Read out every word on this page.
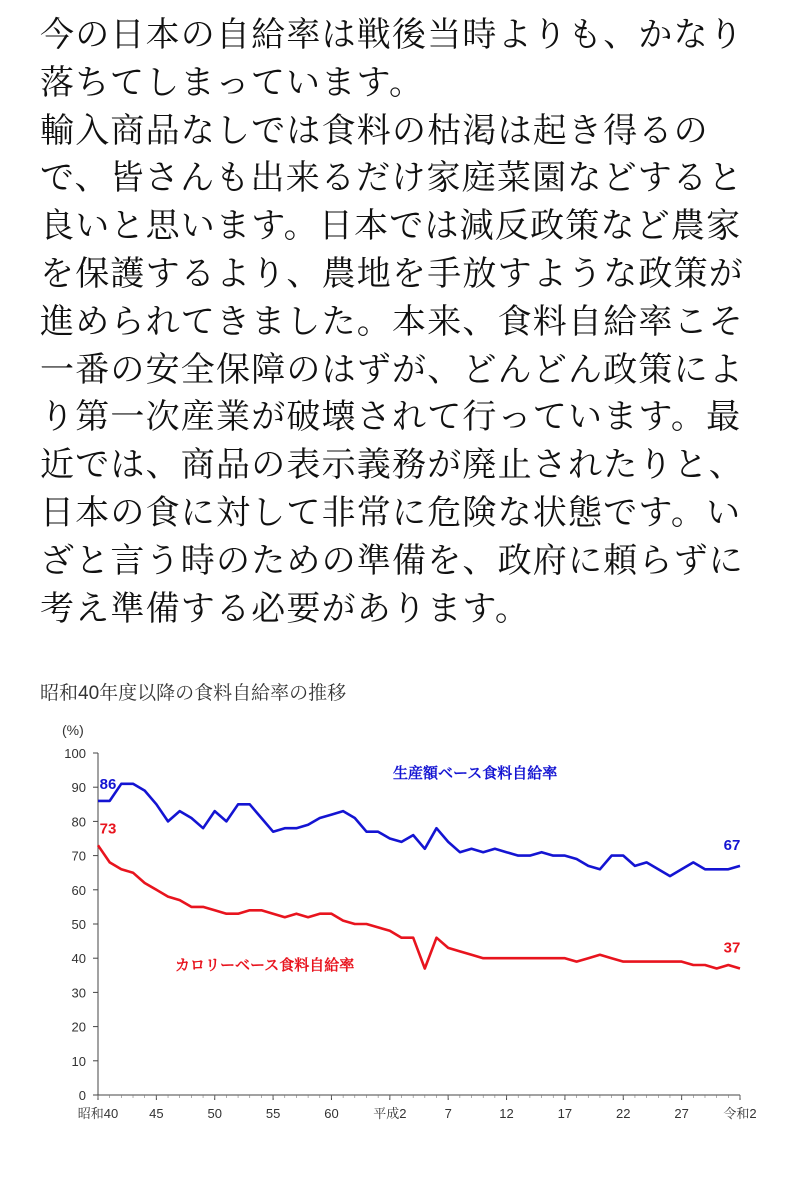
今の日本の自給率は戦後当時よりも、かなり
落ちてしまっています。
輸入商品なしでは食料の枯渇は起き得るの
で、皆さんも出来るだけ家庭菜園などすると
良いと思います。日本では減反政策など農家
を保護するより、農地を手放すような政策が
進められてきました。本来、食料自給率こそ
一番の安全保障のはずが、どんどん政策によ
り第一次産業が破壊されて行っています。最
近では、商品の表示義務が廃止されたりと、
日本の食に対して非常に危険な状態です。い
ざと言う時のための準備を、政府に頼らずに
考え準備する必要があります。
昭和40年度以降の食料自給率の推移
(%)
0
10
20
30
40
50
60
70
80
90
100
昭和40 45	50	55	60	平成2	7	12	17	22	27	令和2
86
67
73
37
生産額ベース食料自給率
カロリーベース食料自給率
